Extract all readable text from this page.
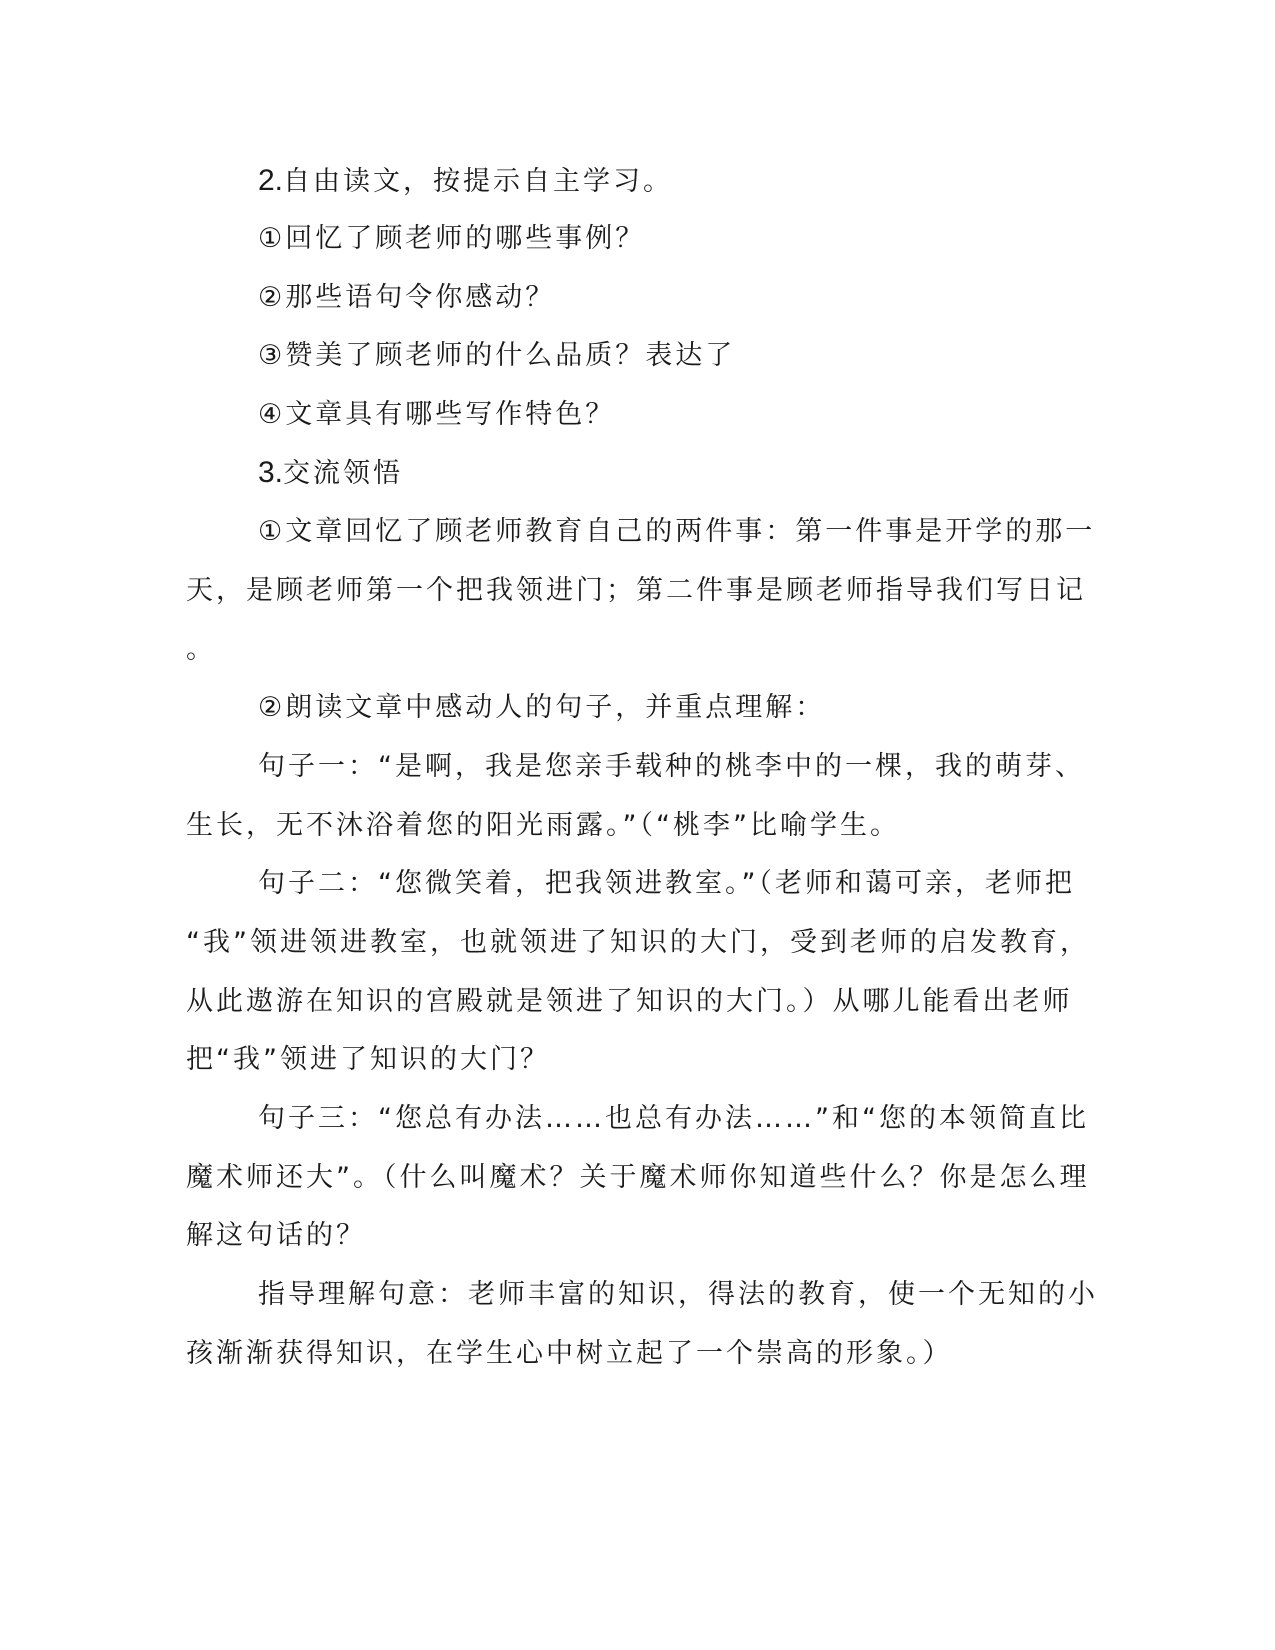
2.自由读文，按提示自主学习。
①回忆了顾老师的哪些事例？
②那些语句令你感动？
③赞美了顾老师的什么品质？表达了
④文章具有哪些写作特色？
3.交流领悟
①文章回忆了顾老师教育自己的两件事：第一件事是开学的那一
天，是顾老师第一个把我领进门；第二件事是顾老师指导我们写日记
。
②朗读文章中感动人的句子，并重点理解：
句子一：“是啊，我是您亲手载种的桃李中的一棵，我的萌芽、
生长，无不沐浴着您的阳光雨露。”（“桃李”比喻学生。
句子二：“您微笑着，把我领进教室。”（老师和蔼可亲，老师把
“我”领进领进教室，也就领进了知识的大门，受到老师的启发教育，
从此遨游在知识的宫殿就是领进了知识的大门。）从哪儿能看出老师
把“我”领进了知识的大门？
句子三：“您总有办法……也总有办法……”和“您的本领简直比
魔术师还大”。（什么叫魔术？关于魔术师你知道些什么？你是怎么理
解这句话的？
指导理解句意：老师丰富的知识，得法的教育，使一个无知的小
孩渐渐获得知识，在学生心中树立起了一个崇高的形象。）
